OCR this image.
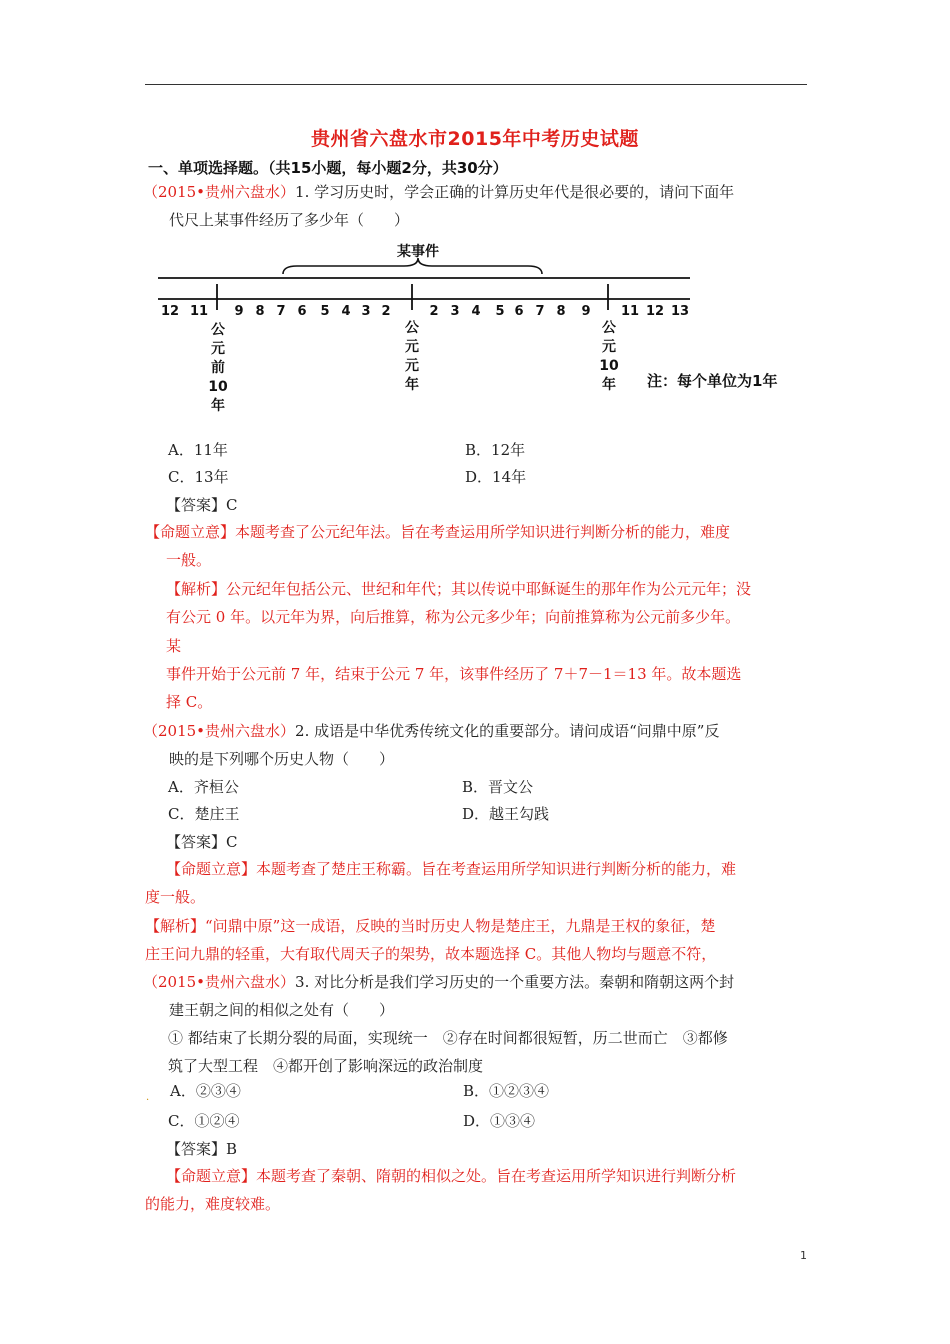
贵州省六盘水市2015年中考历史试题
一、单项选择题。（共15小题，每小题2分，共30分）
（2015•贵州六盘水）1. 学习历史时，学会正确的计算历史年代是很必要的，请问下面年
代尺上某事件经历了多少年（　　）
某事件
12 11 9 8 7 6 5 4 3 2	2 3 4 5 6 7 8 9 11 12 13
公
元
前
10
年
公
元
元
年
公
元
10
年 注：每个单位为1年
A．11年	B．12年
C．13年	D．14年
【答案】C
【命题立意】本题考查了公元纪年法。旨在考查运用所学知识进行判断分析的能力，难度
一般。
【解析】公元纪年包括公元、世纪和年代；其以传说中耶稣诞生的那年作为公元元年；没
有公元 0 年。以元年为界，向后推算，称为公元多少年；向前推算称为公元前多少年。
某
事件开始于公元前 7 年，结束于公元 7 年，该事件经历了 7＋7－1＝13 年。故本题选
择 C。
（2015•贵州六盘水）2. 成语是中华优秀传统文化的重要部分。请问成语“问鼎中原”反
映的是下列哪个历史人物（　　）
A．齐桓公	B．晋文公
C．楚庄王	D．越王勾践
【答案】C
【命题立意】本题考查了楚庄王称霸。旨在考查运用所学知识进行判断分析的能力，难
度一般。
【解析】“问鼎中原”这一成语，反映的当时历史人物是楚庄王，九鼎是王权的象征，楚
庄王问九鼎的轻重，大有取代周天子的架势，故本题选择 C。其他人物均与题意不符，
（2015•贵州六盘水）3. 对比分析是我们学习历史的一个重要方法。秦朝和隋朝这两个封
建王朝之间的相似之处有（　　）
① 都结束了长期分裂的局面，实现统一　②存在时间都很短暂，历二世而亡　③都修
筑了大型工程　④都开创了影响深远的政治制度
. A．②③④	B．①②③④
C．①②④	D．①③④
【答案】B
【命题立意】本题考查了秦朝、隋朝的相似之处。旨在考查运用所学知识进行判断分析
的能力，难度较难。
1
